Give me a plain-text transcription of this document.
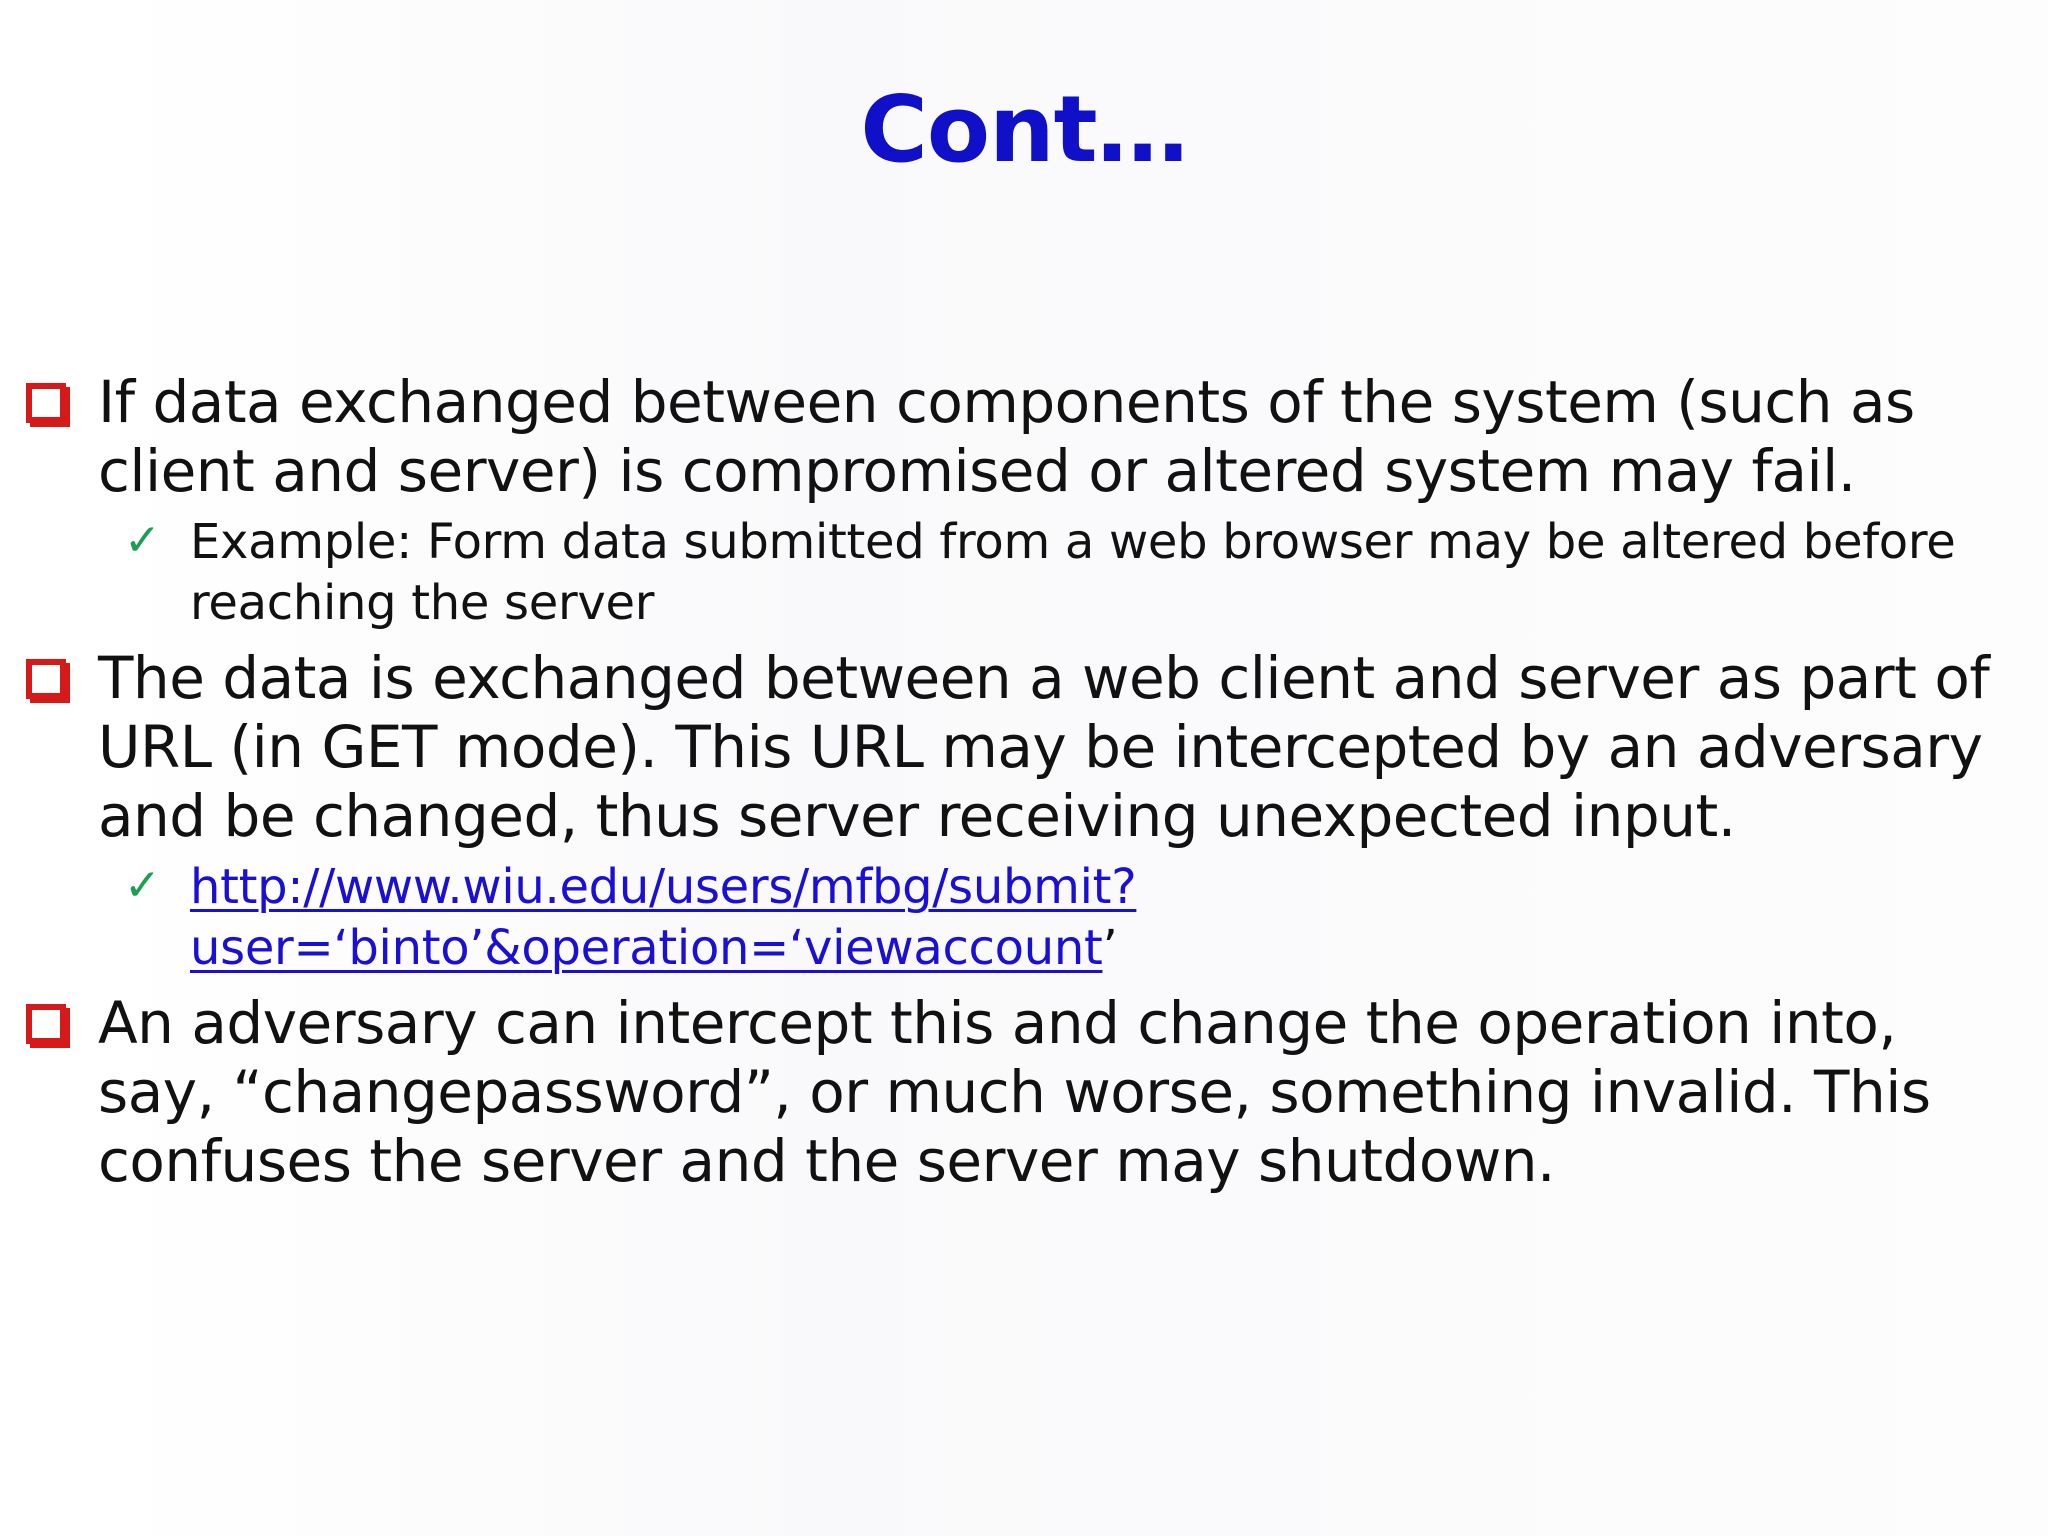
Cont…
If data exchanged between components of the system (such as client and server) is compromised or altered system may fail.
✓ Example: Form data submitted from a web browser may be altered before reaching the server
The data is exchanged between a web client and server as part of URL (in GET mode). This URL may be intercepted by an adversary and be changed, thus server receiving unexpected input.
✓ http://www.wiu.edu/users/mfbg/submit?user=‘binto’&operation=‘viewaccount’
An adversary can intercept this and change the operation into, say, “changepassword”, or much worse, something invalid. This confuses the server and the server may shutdown.
